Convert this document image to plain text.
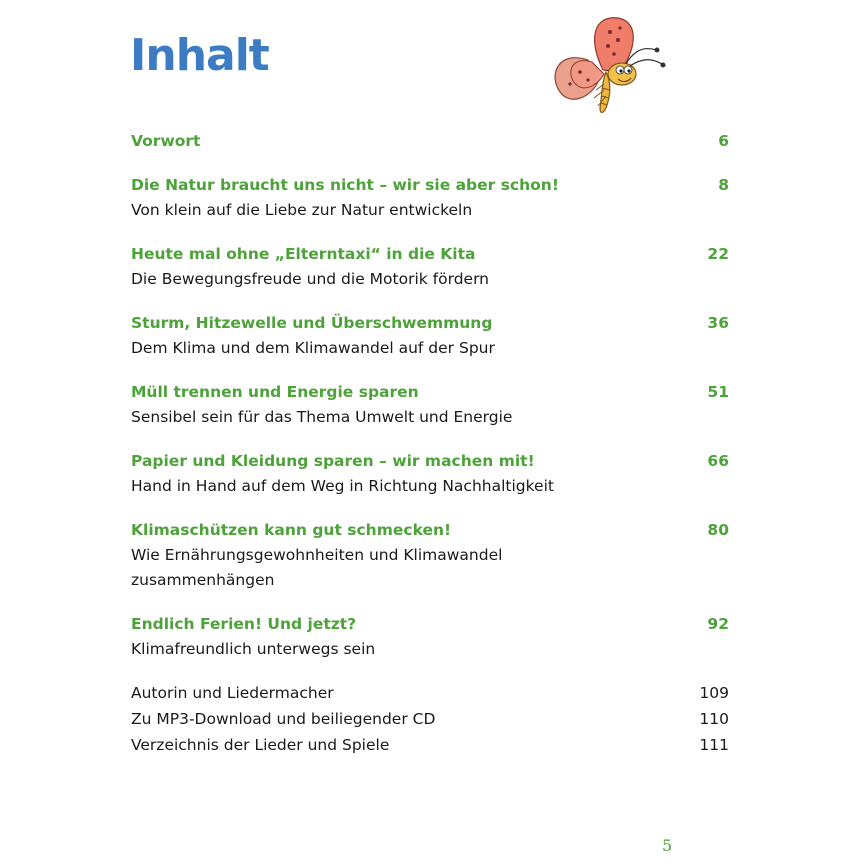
Inhalt
Vorwort	6
Die Natur braucht uns nicht – wir sie aber schon!	8
Von klein auf die Liebe zur Natur entwickeln
Heute mal ohne „Elterntaxi“ in die Kita	22
Die Bewegungsfreude und die Motorik fördern
Sturm, Hitzewelle und Überschwemmung	36
Dem Klima und dem Klimawandel auf der Spur
Müll trennen und Energie sparen	51
Sensibel sein für das Thema Umwelt und Energie
Papier und Kleidung sparen – wir machen mit!	66
Hand in Hand auf dem Weg in Richtung Nachhaltigkeit
Klimaschützen kann gut schmecken!	80
Wie Ernährungsgewohnheiten und Klimawandel zusammenhängen
Endlich Ferien! Und jetzt?	92
Klimafreundlich unterwegs sein
Autorin und Liedermacher	109
Zu MP3-Download und beiliegender CD	110
Verzeichnis der Lieder und Spiele	111
5
